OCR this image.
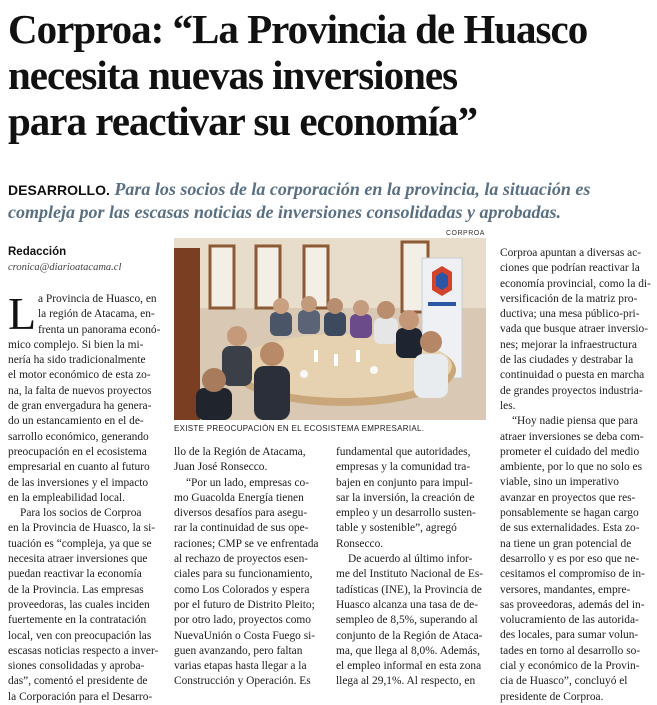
Corproa: “La Provincia de Huasco
necesita nuevas inversiones
para reactivar su economía”
DESARROLLO. Para los socios de la corporación en la provincia, la situación es compleja por las escasas noticias de inversiones consolidadas y aprobadas.
Redacción
cronica@diarioatacama.cl
L a Provincia de Huasco, en
la región de Atacama, en-
frenta un panorama econó-
mico complejo. Si bien la mi-
nería ha sido tradicionalmente
el motor económico de esta zo-
na, la falta de nuevos proyectos
de gran envergadura ha genera-
do un estancamiento en el de-
sarrollo económico, generando
preocupación en el ecosistema
empresarial en cuanto al futuro
de las inversiones y el impacto
en la empleabilidad local.
Para los socios de Corproa
en la Provincia de Huasco, la si-
tuación es “compleja, ya que se
necesita atraer inversiones que
puedan reactivar la economía
de la Provincia. Las empresas
proveedoras, las cuales inciden
fuertemente en la contratación
local, ven con preocupación las
escasas noticias respecto a inver-
siones consolidadas y aproba-
das”, comentó el presidente de
la Corporación para el Desarro-
llo de la Región de Atacama,
Juan José Ronsecco.
“Por un lado, empresas co-
mo Guacolda Energía tienen
diversos desafíos para asegu-
rar la continuidad de sus ope-
raciones; CMP se ve enfrentada
al rechazo de proyectos esen-
ciales para su funcionamiento,
como Los Colorados y espera
por el futuro de Distrito Pleito;
por otro lado, proyectos como
NuevaUnión o Costa Fuego si-
guen avanzando, pero faltan
varias etapas hasta llegar a la
Construcción y Operación. Es
fundamental que autoridades,
empresas y la comunidad tra-
bajen en conjunto para impul-
sar la inversión, la creación de
empleo y un desarrollo susten-
table y sostenible”, agregó
Ronsecco.
De acuerdo al último infor-
me del Instituto Nacional de Es-
tadísticas (INE), la Provincia de
Huasco alcanza una tasa de de-
sempleo de 8,5%, superando al
conjunto de la Región de Ataca-
ma, que llega al 8,0%. Además,
el empleo informal en esta zona
llega al 29,1%. Al respecto, en
Corproa apuntan a diversas ac-
ciones que podrían reactivar la
economía provincial, como la di-
versificación de la matriz pro-
ductiva; una mesa público-pri-
vada que busque atraer inversio-
nes; mejorar la infraestructura
de las ciudades y destrabar la
continuidad o puesta en marcha
de grandes proyectos industria-
les.
“Hoy nadie piensa que para
atraer inversiones se deba com-
prometer el cuidado del medio
ambiente, por lo que no solo es
viable, sino un imperativo
avanzar en proyectos que res-
ponsablemente se hagan cargo
de sus externalidades. Esta zo-
na tiene un gran potencial de
desarrollo y es por eso que ne-
cesitamos el compromiso de in-
versores, mandantes, empre-
sas proveedoras, además del in-
volucramiento de las autorida-
des locales, para sumar volun-
tades en torno al desarrollo so-
cial y económico de la Provin-
cia de Huasco”, concluyó el
presidente de Corproa.
CORPROA
EXISTE PREOCUPACIÓN EN EL ECOSISTEMA EMPRESARIAL.
